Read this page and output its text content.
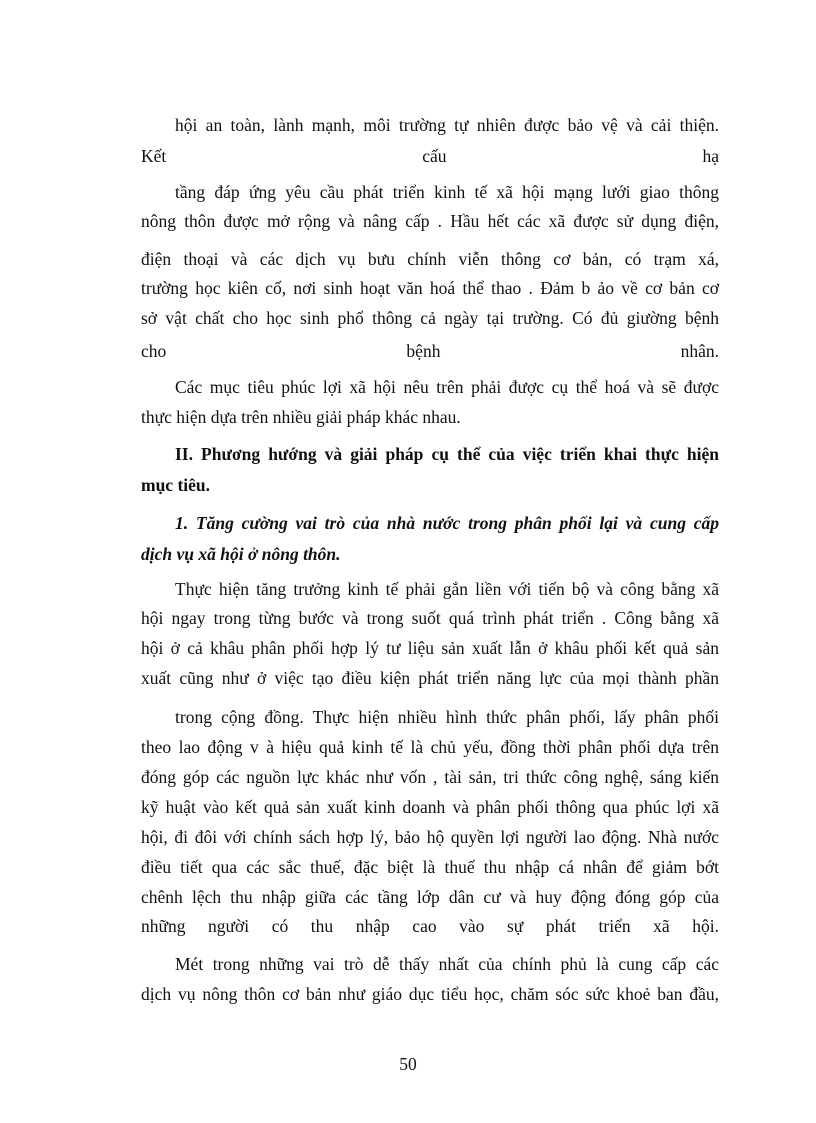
hội an toàn, lành mạnh, môi trường tự nhiên được bảo vệ và cải thiện.
Kết cấu hạ
tầng đáp ứng yêu cầu phát triển kinh tế xã hội mạng lưới giao thông
nông thôn được mở rộng và nâng cấp . Hầu hết các xã được sử dụng điện,
điện thoại và các dịch vụ bưu chính viễn thông cơ bản, có trạm xá,
trường học kiên cố, nơi sinh hoạt văn hoá thể thao . Đảm b ảo về cơ bản cơ
sở vật chất cho học sinh phổ thông cả ngày tại trường. Có đủ giường bệnh
cho bệnh nhân.
Các mục tiêu phúc lợi xã hội nêu trên phải được cụ thể hoá và sẽ được
thực hiện dựa trên nhiều giải pháp khác nhau.
II. Phương hướng và giải pháp cụ thể của việc triển khai thực hiện
mục tiêu.
1. Tăng cường vai trò của nhà nước trong phân phối lại và cung cấp
dịch vụ xã hội ở nông thôn.
Thực hiện tăng trưởng kinh tế phải gắn liền với tiến bộ và công bằng xã
hội ngay trong từng bước và trong suốt quá trình phát triển . Công bằng xã
hội ở cả khâu phân phối hợp lý tư liệu sản xuất lẫn ở khâu phối kết quả sản
xuất cũng như ở việc tạo điều kiện phát triển năng lực của mọi thành phần
trong cộng đồng. Thực hiện nhiều hình thức phân phối, lấy phân phối
theo lao động v à hiệu quả kinh tế là chủ yếu, đồng thời phân phối dựa trên
đóng góp các nguồn lực khác như vốn , tài sản, tri thức công nghệ, sáng kiến
kỹ huật vào kết quả sản xuất kinh doanh và phân phối thông qua phúc lợi xã
hội, đi đôi với chính sách hợp lý, bảo hộ quyền lợi người lao động. Nhà nước
điều tiết qua các sắc thuế, đặc biệt là thuế thu nhập cá nhân để giảm bớt
chênh lệch thu nhập giữa các tầng lớp dân cư và huy động đóng góp của
những người có thu nhập cao vào sự phát triển xã hội.
Mét trong những vai trò dễ thấy nhất của chính phủ là cung cấp các
dịch vụ nông thôn cơ bản như giáo dục tiểu học, chăm sóc sức khoẻ ban đầu,
50
